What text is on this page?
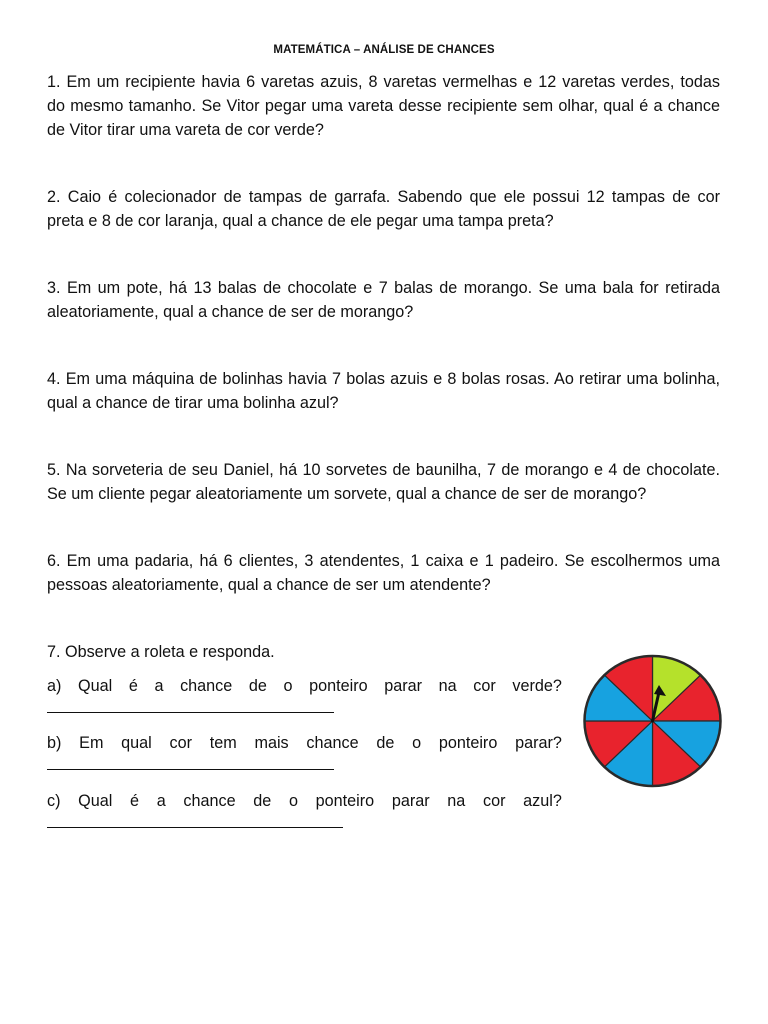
MATEMÁTICA – ANÁLISE DE CHANCES

1. Em um recipiente havia 6 varetas azuis, 8 varetas vermelhas e 12 varetas verdes, todas do mesmo tamanho. Se Vitor pegar uma vareta desse recipiente sem olhar, qual é a chance de Vitor tirar uma vareta de cor verde?

2. Caio é colecionador de tampas de garrafa. Sabendo que ele possui 12 tampas de cor preta e 8 de cor laranja, qual a chance de ele pegar uma tampa preta?

3. Em um pote, há 13 balas de chocolate e 7 balas de morango. Se uma bala for retirada aleatoriamente, qual a chance de ser de morango?

4. Em uma máquina de bolinhas havia 7 bolas azuis e 8 bolas rosas. Ao retirar uma bolinha, qual a chance de tirar uma bolinha azul?

5. Na sorveteria de seu Daniel, há 10 sorvetes de baunilha, 7 de morango e 4 de chocolate. Se um cliente pegar aleatoriamente um sorvete, qual a chance de ser de morango?

6. Em uma padaria, há 6 clientes, 3 atendentes, 1 caixa e 1 padeiro. Se escolhermos uma pessoas aleatoriamente, qual a chance de ser um atendente?

7. Observe a roleta e responda.

a) Qual é a chance de o ponteiro parar na cor verde?
b) Em qual cor tem mais chance de o ponteiro parar?
c) Qual é a chance de o ponteiro parar na cor azul?
